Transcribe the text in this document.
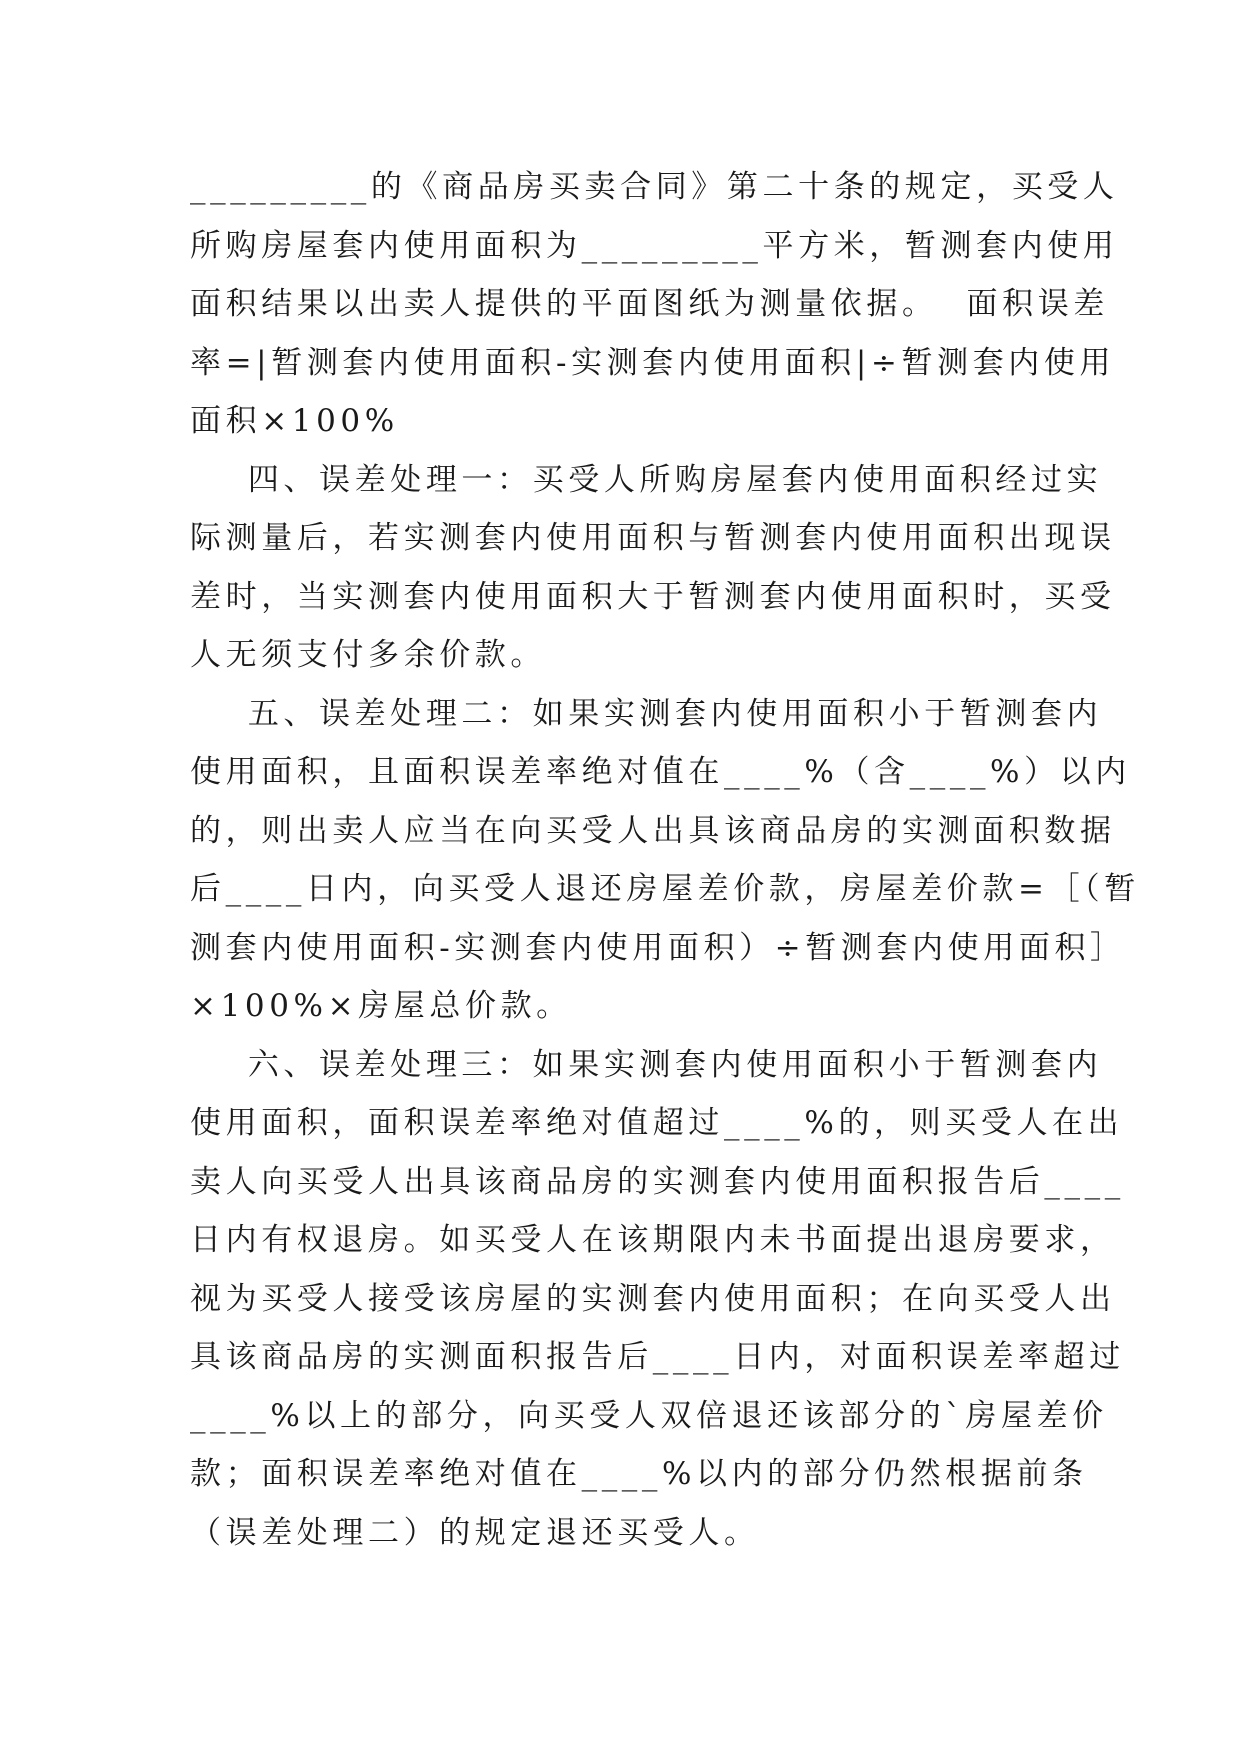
_________的《商品房买卖合同》第二十条的规定，买受人
所购房屋套内使用面积为_________平方米，暂测套内使用
面积结果以出卖人提供的平面图纸为测量依据。  面积误差
率=|暂测套内使用面积-实测套内使用面积|÷暂测套内使用
面积×100%
四、误差处理一：买受人所购房屋套内使用面积经过实
际测量后，若实测套内使用面积与暂测套内使用面积出现误
差时，当实测套内使用面积大于暂测套内使用面积时，买受
人无须支付多余价款。
五、误差处理二：如果实测套内使用面积小于暂测套内
使用面积，且面积误差率绝对值在____%（含____%）以内
的，则出卖人应当在向买受人出具该商品房的实测面积数据
后____日内，向买受人退还房屋差价款，房屋差价款=［（暂
测套内使用面积-实测套内使用面积）÷暂测套内使用面积］
×100%×房屋总价款。
六、误差处理三：如果实测套内使用面积小于暂测套内
使用面积，面积误差率绝对值超过____%的，则买受人在出
卖人向买受人出具该商品房的实测套内使用面积报告后____
日内有权退房。如买受人在该期限内未书面提出退房要求，
视为买受人接受该房屋的实测套内使用面积；在向买受人出
具该商品房的实测面积报告后____日内，对面积误差率超过
____%以上的部分，向买受人双倍退还该部分的`房屋差价
款；面积误差率绝对值在____%以内的部分仍然根据前条
（误差处理二）的规定退还买受人。
